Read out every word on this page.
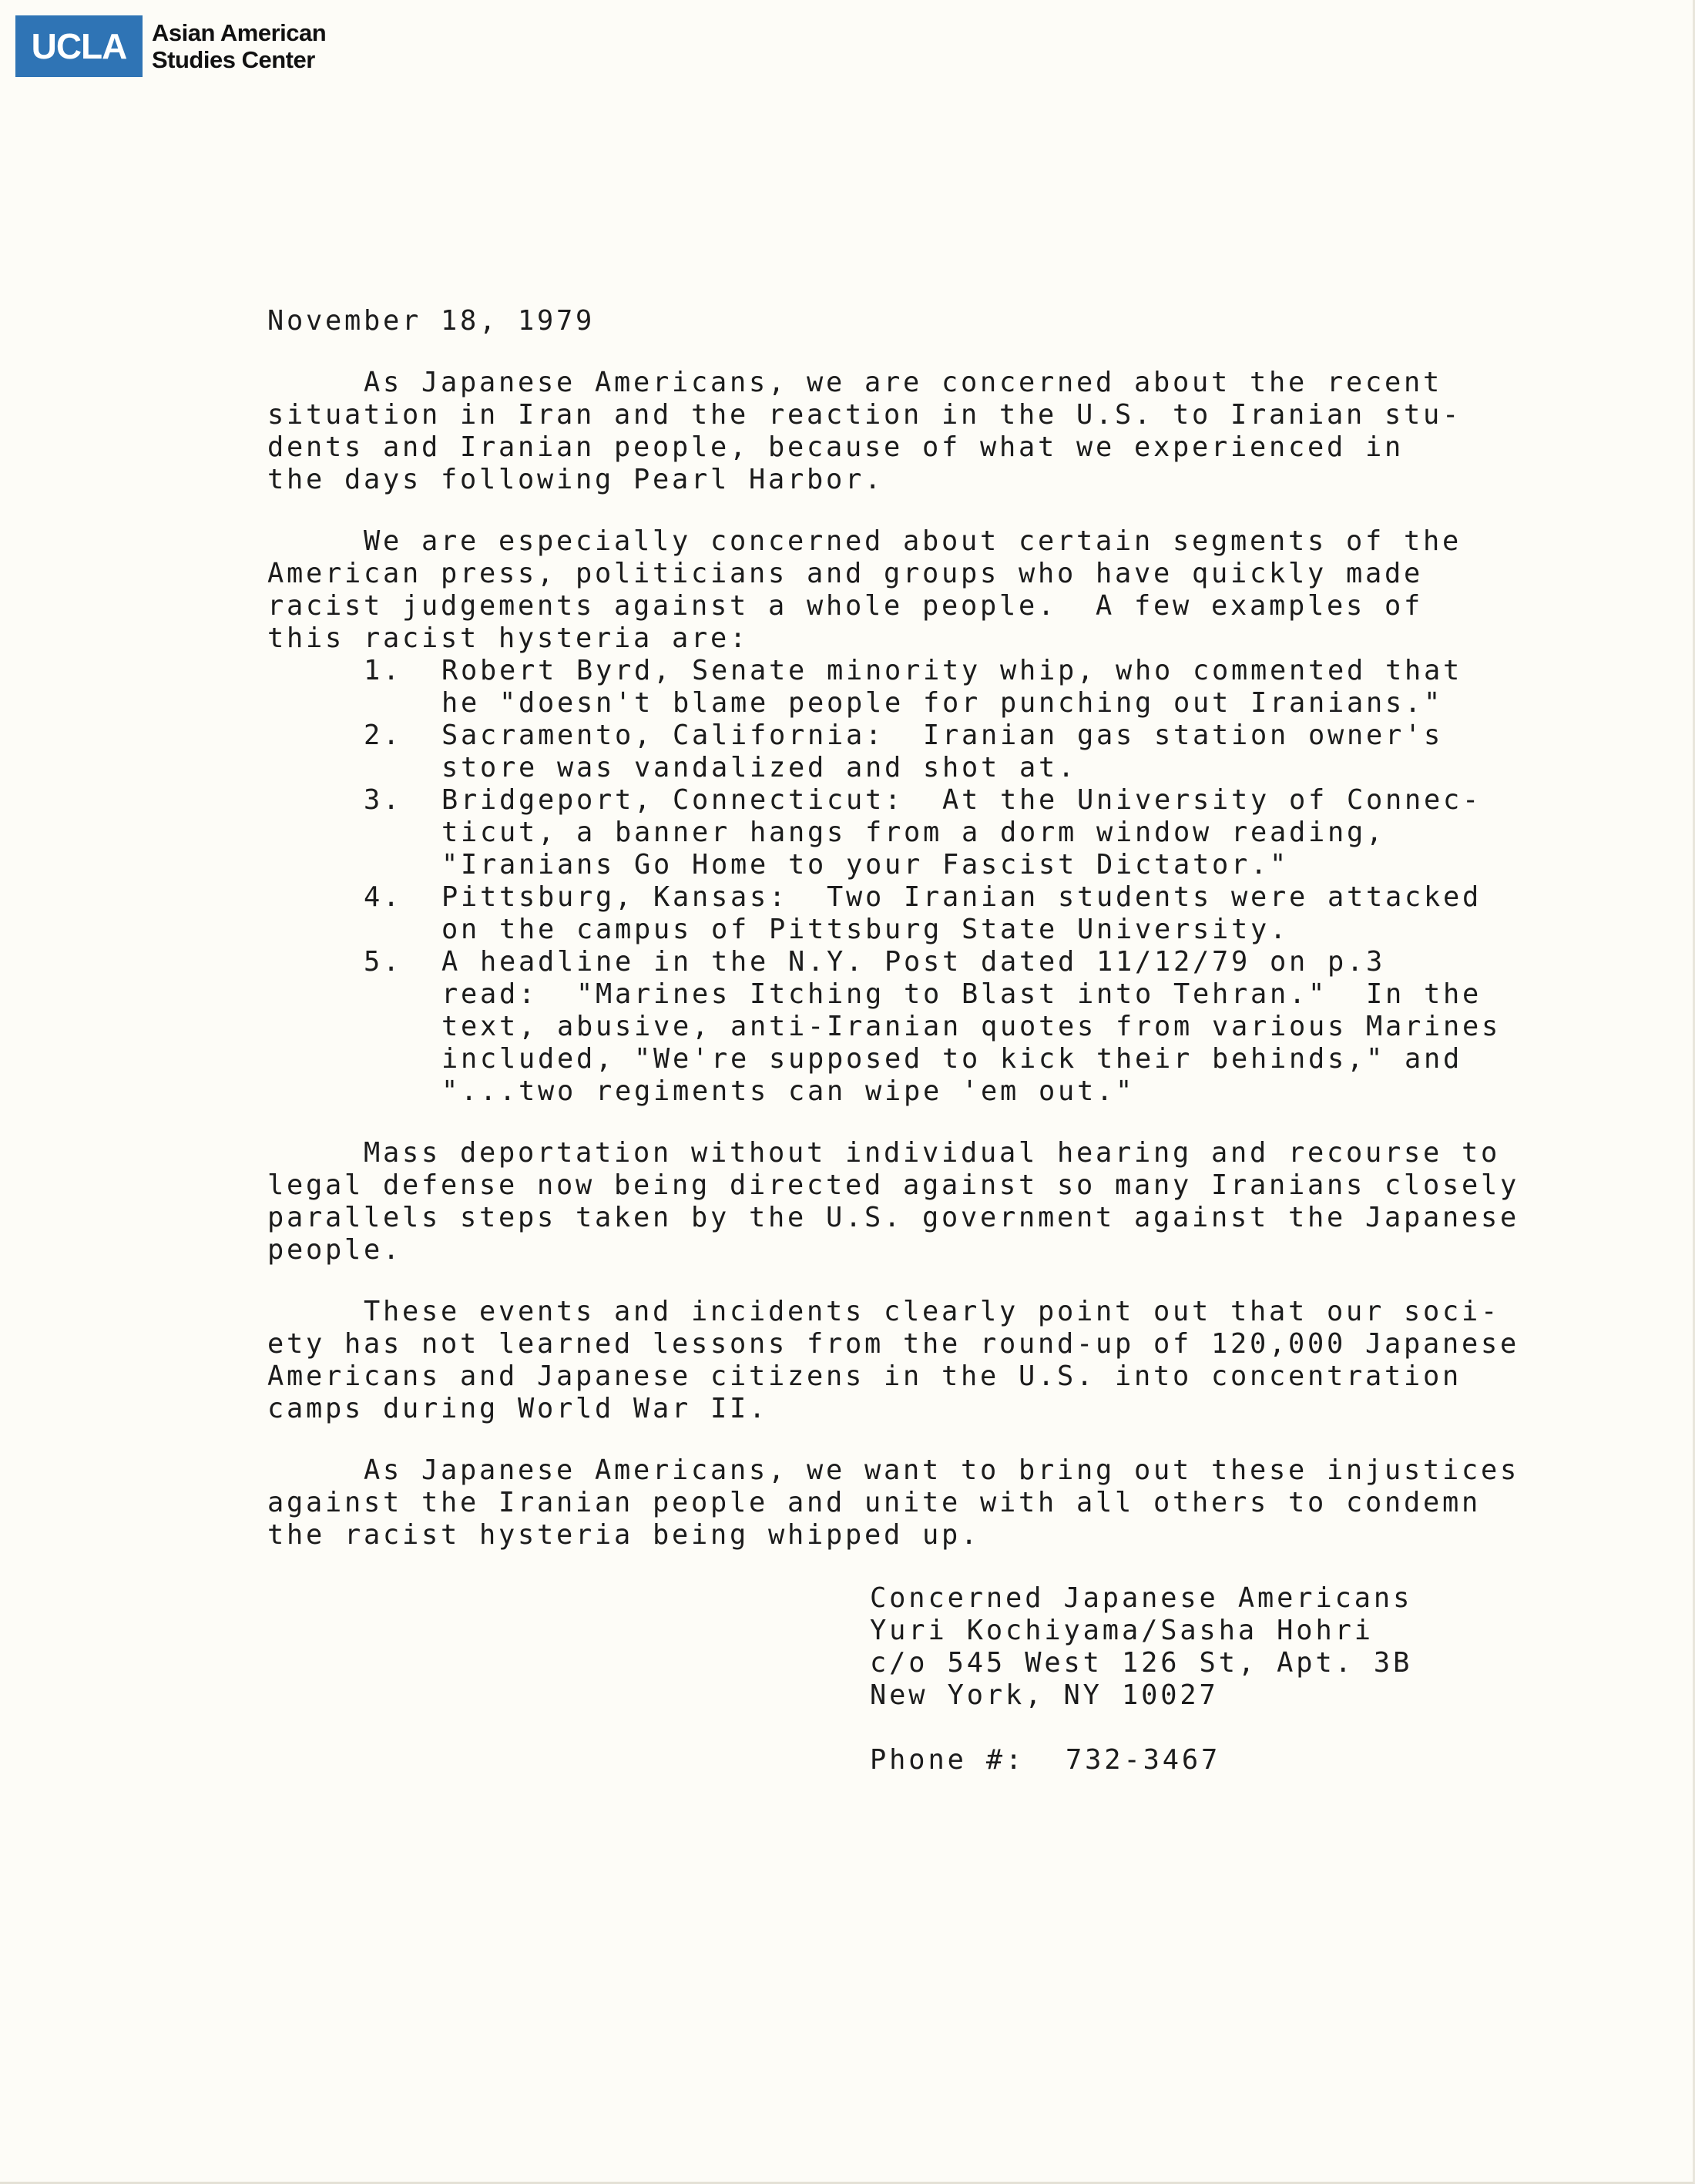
UCLA	Asian American
Studies Center

November 18, 1979

As Japanese Americans, we are concerned about the recent

situation in Iran and the reaction in the U.S. to Iranian stu-

dents and Iranian people, because of what we experienced in

the days following Pearl Harbor.

We are especially concerned about certain segments of the

American press, politicians and groups who have quickly made

racist judgements against a whole people.  A few examples of

this racist hysteria are:

1. Robert Byrd, Senate minority whip, who commented that

he "doesn't blame people for punching out Iranians."

2. Sacramento, California:  Iranian gas station owner's

store was vandalized and shot at.

3. Bridgeport, Connecticut:  At the University of Connec-

ticut, a banner hangs from a dorm window reading,

"Iranians Go Home to your Fascist Dictator."

4. Pittsburg, Kansas:  Two Iranian students were attacked

on the campus of Pittsburg State University.

5. A headline in the N.Y. Post dated 11/12/79 on p.3

read:  "Marines Itching to Blast into Tehran."  In the

text, abusive, anti-Iranian quotes from various Marines

included, "We're supposed to kick their behinds," and

"...two regiments can wipe 'em out."

Mass deportation without individual hearing and recourse to

legal defense now being directed against so many Iranians closely

parallels steps taken by the U.S. government against the Japanese

people.

These events and incidents clearly point out that our soci-

ety has not learned lessons from the round-up of 120,000 Japanese

Americans and Japanese citizens in the U.S. into concentration

camps during World War II.

As Japanese Americans, we want to bring out these injustices

against the Iranian people and unite with all others to condemn

the racist hysteria being whipped up.

Concerned Japanese Americans

Yuri Kochiyama/Sasha Hohri

c/o 545 West 126 St, Apt. 3B

New York, NY 10027

Phone #: 732-3467
